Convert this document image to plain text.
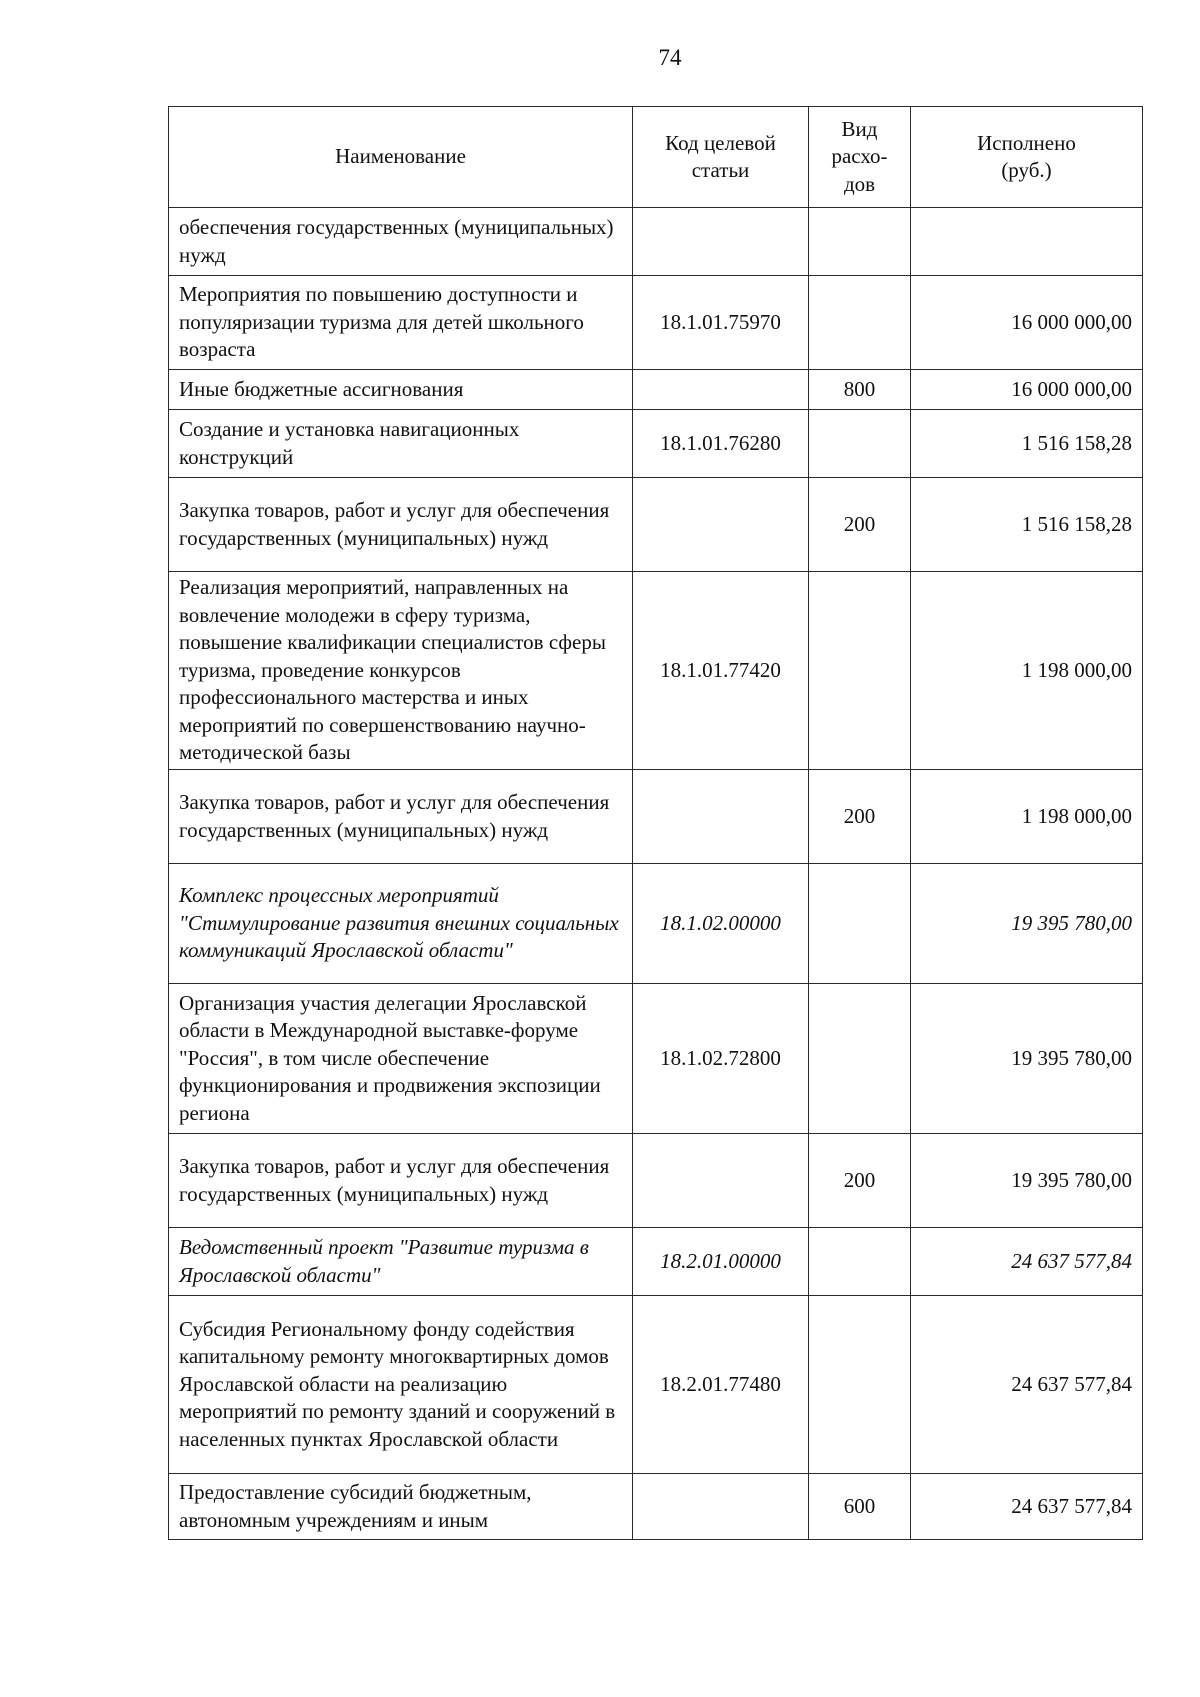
74
Наименование	Код целевой статьи	Вид расхо-дов	Исполнено (руб.)
обеспечения государственных (муниципальных) нужд			
Мероприятия по повышению доступности и популяризации туризма для детей школьного возраста	18.1.01.75970		16 000 000,00
Иные бюджетные ассигнования		800	16 000 000,00
Создание и установка навигационных конструкций	18.1.01.76280		1 516 158,28
Закупка товаров, работ и услуг для обеспечения государственных (муниципальных) нужд		200	1 516 158,28
Реализация мероприятий, направленных на вовлечение молодежи в сферу туризма, повышение квалификации специалистов сферы туризма, проведение конкурсов профессионального мастерства и иных мероприятий по совершенствованию научно-методической базы	18.1.01.77420		1 198 000,00
Закупка товаров, работ и услуг для обеспечения государственных (муниципальных) нужд		200	1 198 000,00
Комплекс процессных мероприятий "Стимулирование развития внешних социальных коммуникаций Ярославской области"	18.1.02.00000		19 395 780,00
Организация участия делегации Ярославской области в Международной выставке-форуме "Россия", в том числе обеспечение функционирования и продвижения экспозиции региона	18.1.02.72800		19 395 780,00
Закупка товаров, работ и услуг для обеспечения государственных (муниципальных) нужд		200	19 395 780,00
Ведомственный проект "Развитие туризма в Ярославской области"	18.2.01.00000		24 637 577,84
Субсидия Региональному фонду содействия капитальному ремонту многоквартирных домов Ярославской области на реализацию мероприятий по ремонту зданий и сооружений в населенных пунктах Ярославской области	18.2.01.77480		24 637 577,84
Предоставление субсидий бюджетным, автономным учреждениям и иным		600	24 637 577,84
